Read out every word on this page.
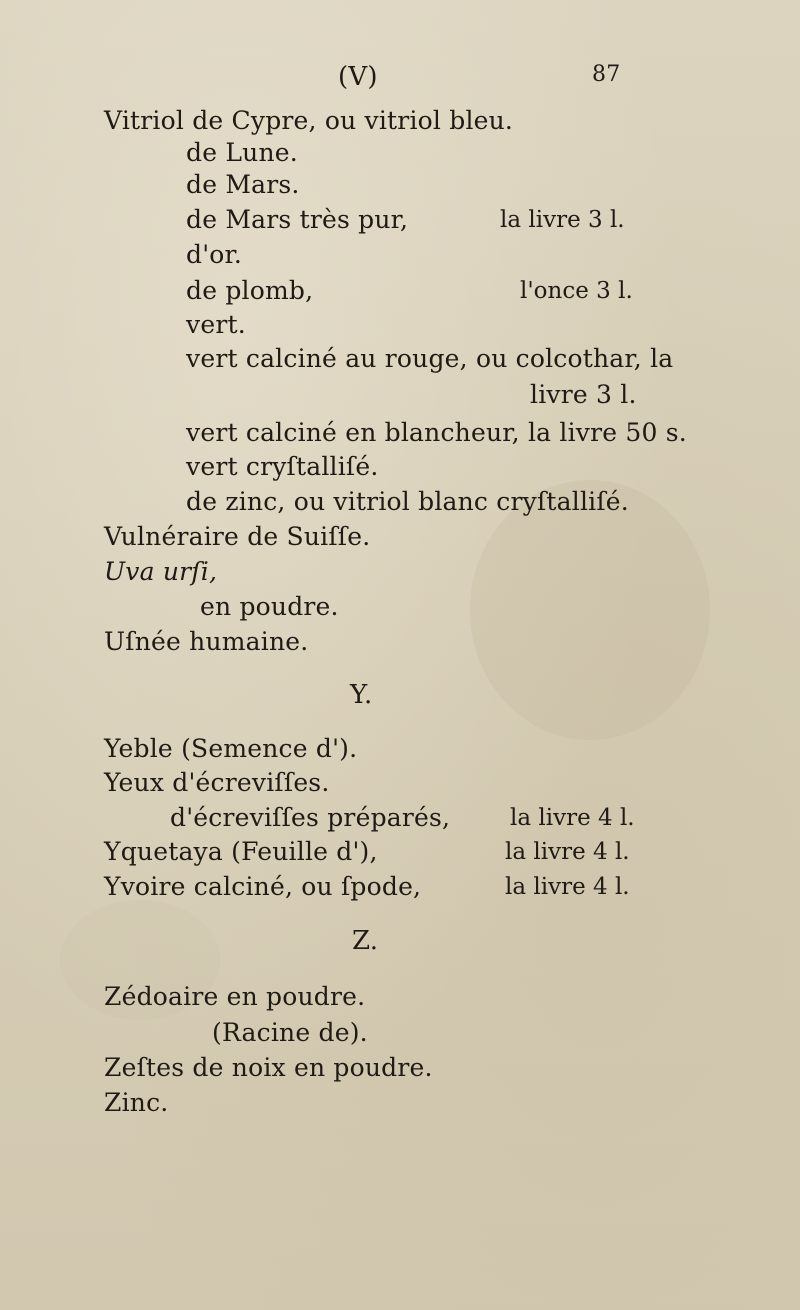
(V)	87
Vitriol de Cypre, ou vitriol bleu.
de Lune.
de Mars.
de Mars très pur,	la livre 3 l.
d'or.
de plomb,	l'once 3 l.
vert.
vert calciné au rouge, ou colcothar, la
livre 3 l.
vert calciné en blancheur, la livre 50 s.
vert cryſtalliſé.
de zinc, ou vitriol blanc cryſtalliſé.
Vulnéraire de Suiſſe.
Uva urſi,
en poudre.
Uſnée humaine.
Y.
Yeble (Semence d').
Yeux d'écreviſſes.
d'écreviſſes préparés,	la livre 4 l.
Yquetaya (Feuille d'),	la livre 4 l.
Yvoire calciné, ou ſpode,	la livre 4 l.
Z.
Zédoaire en poudre.
(Racine de).
Zeſtes de noix en poudre.
Zinc.
